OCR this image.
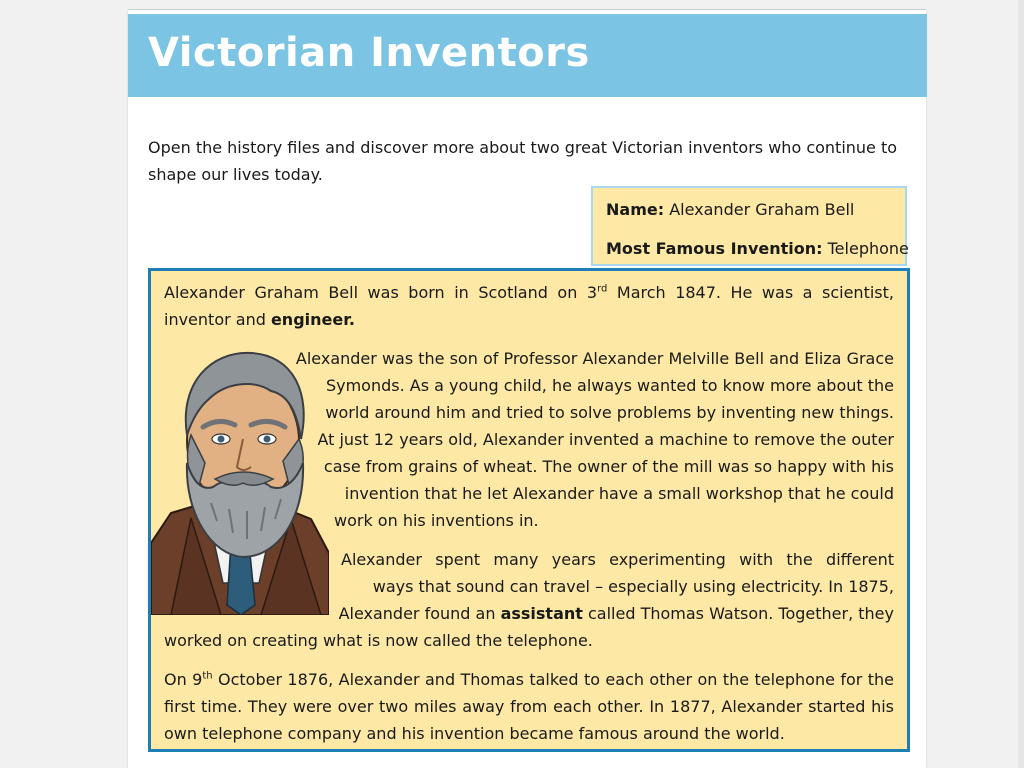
Victorian Inventors
Open the history files and discover more about two great Victorian inventors who continue to shape our lives today.
Name: Alexander Graham Bell
Most Famous Invention: Telephone
Alexander Graham Bell was born in Scotland on 3rd March 1847. He was a scientist, inventor and engineer.
Alexander was the son of Professor Alexander Melville Bell and Eliza Grace
Symonds. As a young child, he always wanted to know more about the
world around him and tried to solve problems by inventing new things.
At just 12 years old, Alexander invented a machine to remove the outer
case from grains of wheat. The owner of the mill was so happy with his
invention that he let Alexander have a small workshop that he could
work on his inventions in.
Alexander spent many years experimenting with the different
ways that sound can travel – especially using electricity. In 1875,
Alexander found an assistant called Thomas Watson. Together, they
worked on creating what is now called the telephone.
On 9th October 1876, Alexander and Thomas talked to each other on the telephone for the first time. They were over two miles away from each other. In 1877, Alexander started his own telephone company and his invention became famous around the world.
